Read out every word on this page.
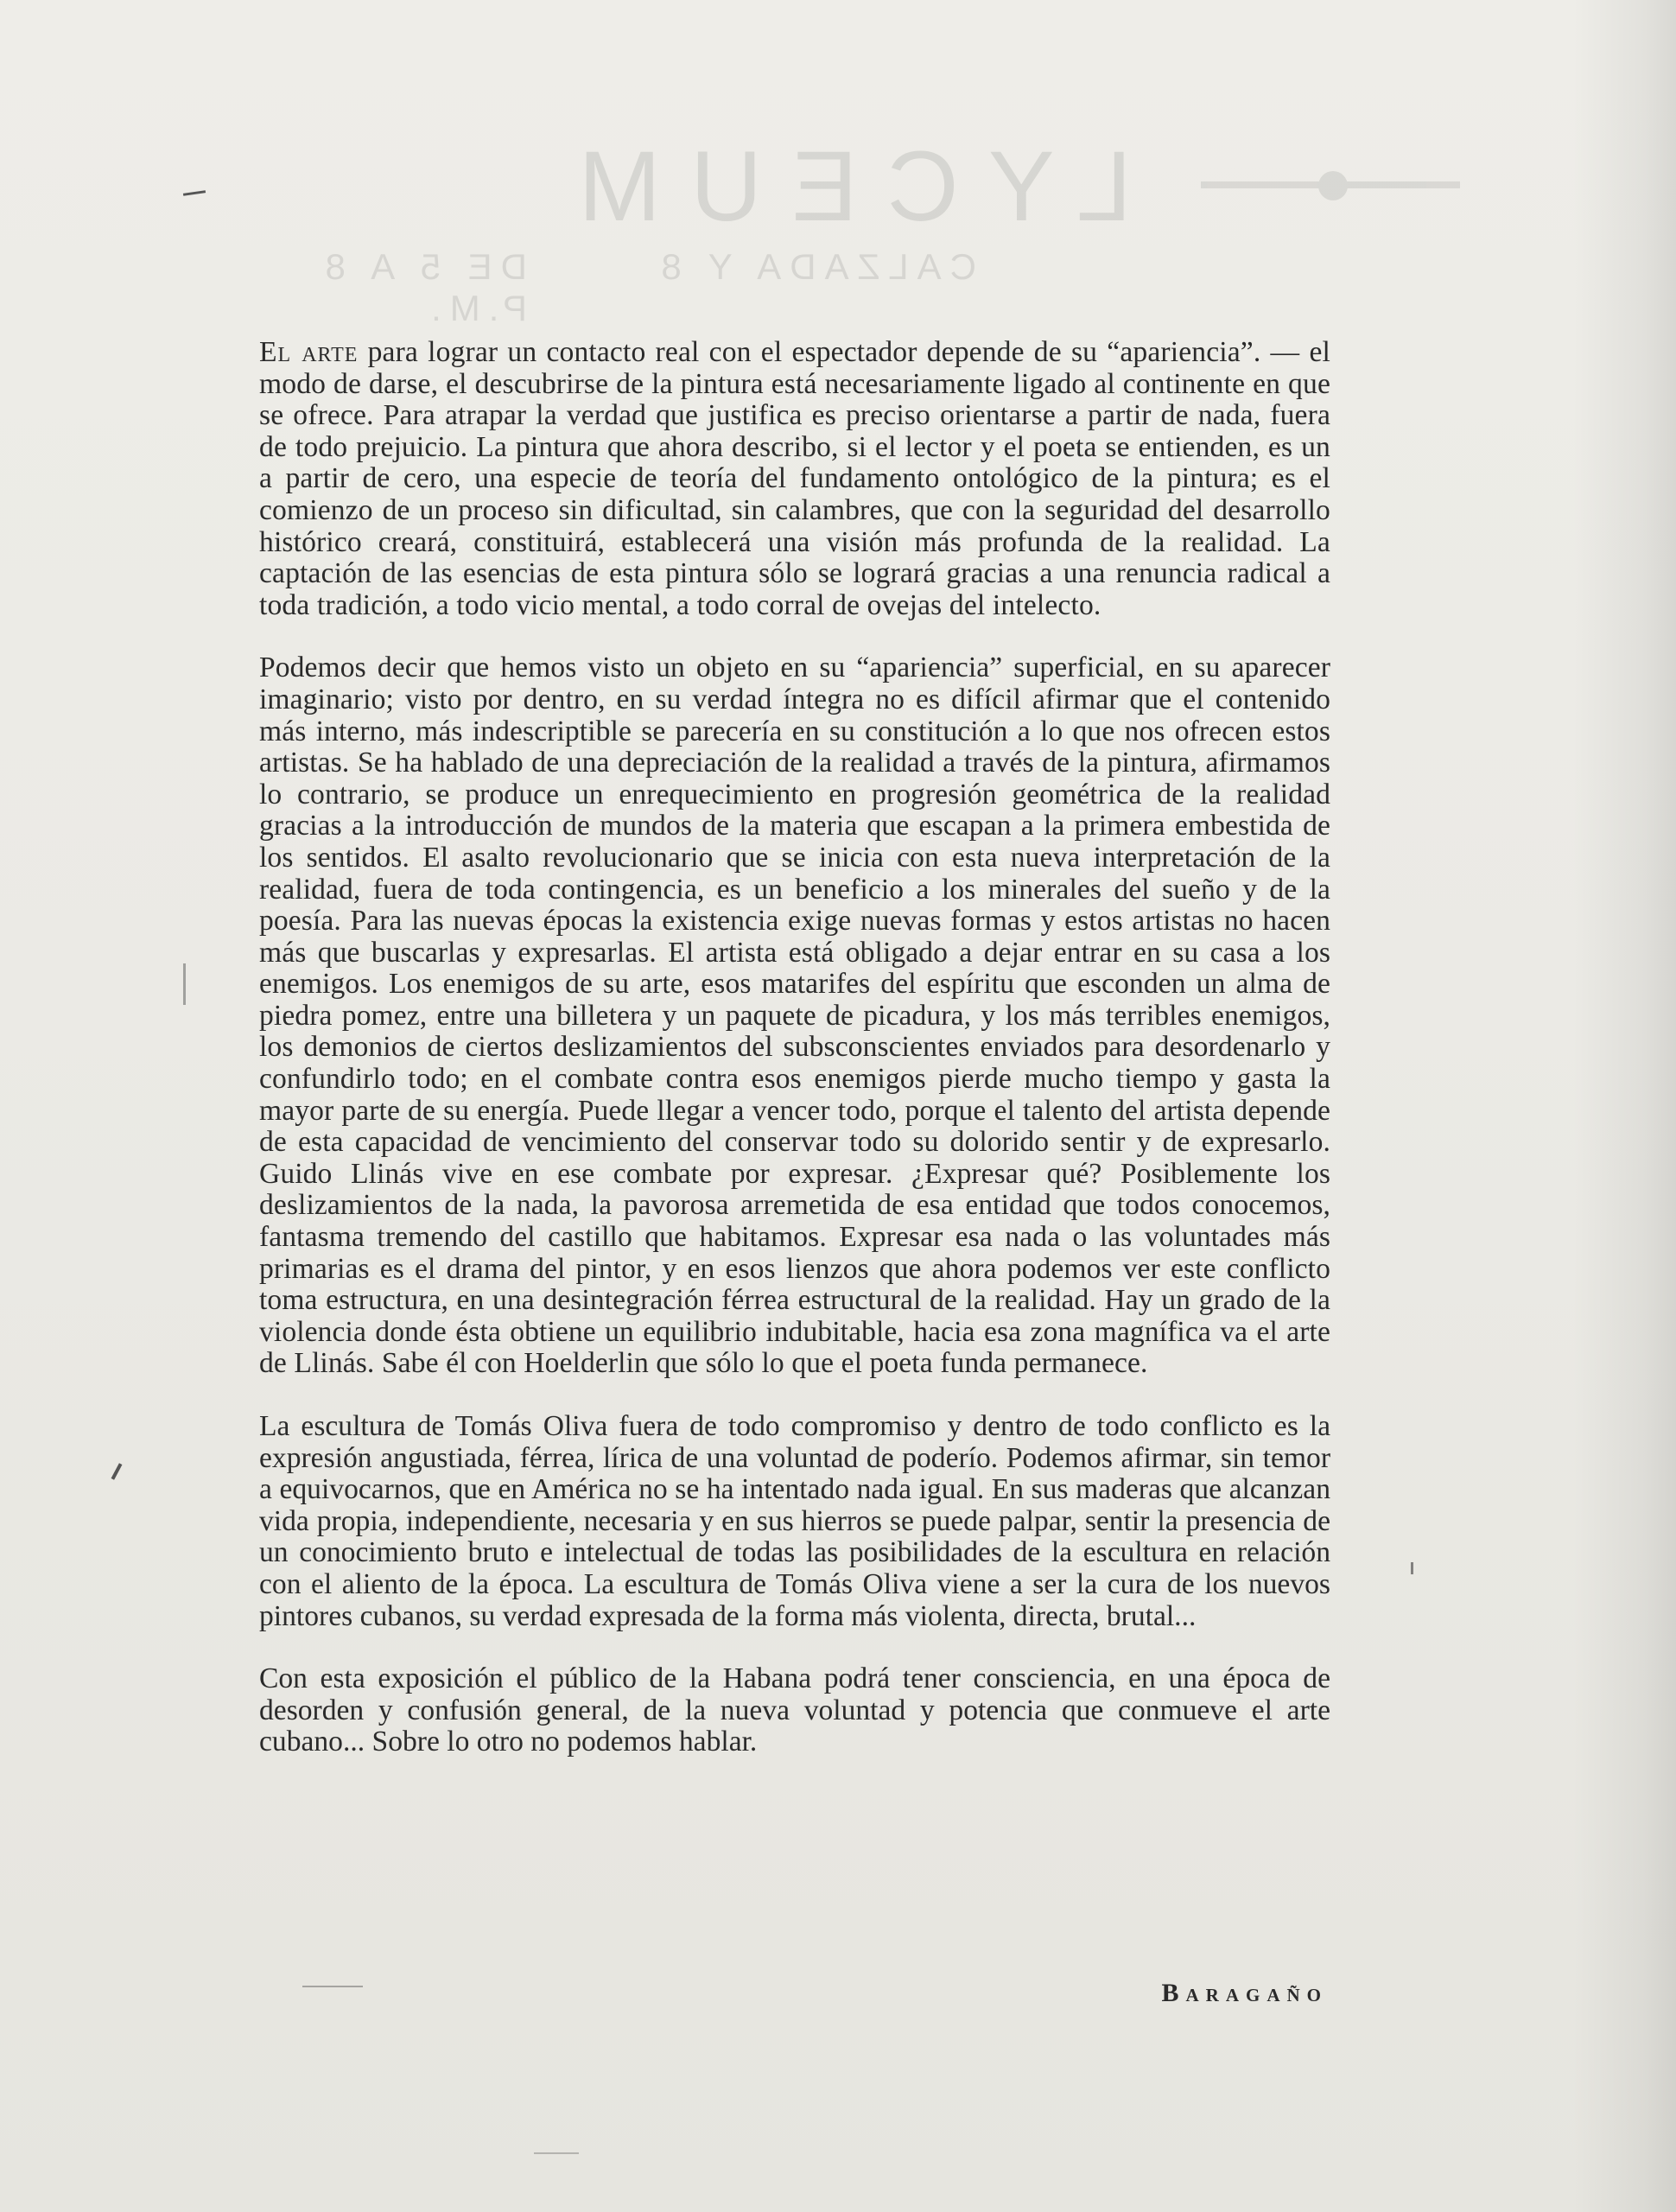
LYCEUM
CALZADA Y 8
DE 5 A 8 P.M.

El arte para lograr un contacto real con el espectador depende de su “apariencia”. — el modo de darse, el descubrirse de la pintura está necesariamente ligado al continente en que se ofrece. Para atrapar la verdad que justifica es preciso orientarse a partir de nada, fuera de todo prejuicio. La pintura que ahora describo, si el lector y el poeta se entienden, es un a partir de cero, una especie de teoría del fundamento ontológico de la pintura; es el comienzo de un proceso sin dificultad, sin calambres, que con la seguridad del desarrollo histórico creará, constituirá, establecerá una visión más profunda de la realidad. La captación de las esencias de esta pintura sólo se logrará gracias a una renuncia radical a toda tradición, a todo vicio mental, a todo corral de ovejas del intelecto.

Podemos decir que hemos visto un objeto en su “apariencia” superficial, en su aparecer imaginario; visto por dentro, en su verdad íntegra no es difícil afirmar que el contenido más interno, más indescriptible se parecería en su constitución a lo que nos ofrecen estos artistas. Se ha hablado de una depreciación de la realidad a través de la pintura, afirmamos lo contrario, se produce un enrequecimiento en progresión geométrica de la realidad gracias a la introducción de mundos de la materia que escapan a la primera embestida de los sentidos. El asalto revolucionario que se inicia con esta nueva interpretación de la realidad, fuera de toda contingencia, es un beneficio a los minerales del sueño y de la poesía. Para las nuevas épocas la existencia exige nuevas formas y estos artistas no hacen más que buscarlas y expresarlas. El artista está obligado a dejar entrar en su casa a los enemigos. Los enemigos de su arte, esos matarifes del espíritu que esconden un alma de piedra pomez, entre una billetera y un paquete de picadura, y los más terribles enemigos, los demonios de ciertos deslizamientos del subsconscientes enviados para desordenarlo y confundirlo todo; en el combate contra esos enemigos pierde mucho tiempo y gasta la mayor parte de su energía. Puede llegar a vencer todo, porque el talento del artista depende de esta capacidad de vencimiento del conservar todo su dolorido sentir y de expresarlo. Guido Llinás vive en ese combate por expresar. ¿Expresar qué? Posiblemente los deslizamientos de la nada, la pavorosa arremetida de esa entidad que todos conocemos, fantasma tremendo del castillo que habitamos. Expresar esa nada o las voluntades más primarias es el drama del pintor, y en esos lienzos que ahora podemos ver este conflicto toma estructura, en una desintegración férrea estructural de la realidad. Hay un grado de la violencia donde ésta obtiene un equilibrio indubitable, hacia esa zona magnífica va el arte de Llinás. Sabe él con Hoelderlin que sólo lo que el poeta funda permanece.

La escultura de Tomás Oliva fuera de todo compromiso y dentro de todo conflicto es la expresión angustiada, férrea, lírica de una voluntad de poderío. Podemos afirmar, sin temor a equivocarnos, que en América no se ha intentado nada igual. En sus maderas que alcanzan vida propia, independiente, necesaria y en sus hierros se puede palpar, sentir la presencia de un conocimiento bruto e intelectual de todas las posibilidades de la escultura en relación con el aliento de la época. La escultura de Tomás Oliva viene a ser la cura de los nuevos pintores cubanos, su verdad expresada de la forma más violenta, directa, brutal...

Con esta exposición el público de la Habana podrá tener consciencia, en una época de desorden y confusión general, de la nueva voluntad y potencia que conmueve el arte cubano... Sobre lo otro no podemos hablar.

Baragaño
